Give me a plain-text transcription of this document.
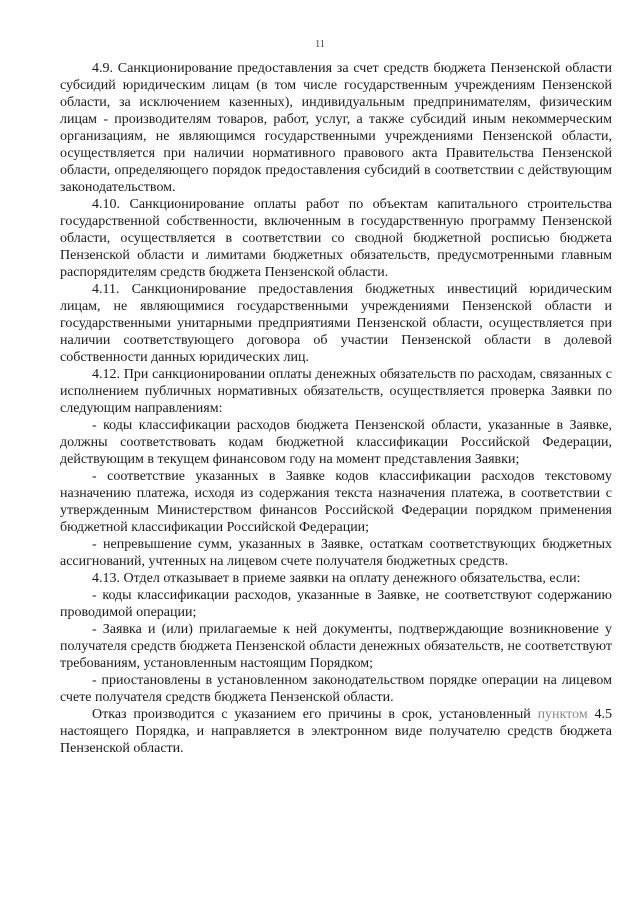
11

4.9. Санкционирование предоставления за счет средств бюджета Пензенской области субсидий юридическим лицам (в том числе государственным учреждениям Пензенской области, за исключением казенных), индивидуальным предпринимателям, физическим лицам - производителям товаров, работ, услуг, а также субсидий иным некоммерческим организациям, не являющимся государственными учреждениями Пензенской области, осуществляется при наличии нормативного правового акта Правительства Пензенской области, определяющего порядок предоставления субсидий в соответствии с действующим законодательством.

4.10. Санкционирование оплаты работ по объектам капитального строительства государственной собственности, включенным в государственную программу Пензенской области, осуществляется в соответствии со сводной бюджетной росписью бюджета Пензенской области и лимитами бюджетных обязательств, предусмотренными главным распорядителям средств бюджета Пензенской области.

4.11. Санкционирование предоставления бюджетных инвестиций юридическим лицам, не являющимися государственными учреждениями Пензенской области и государственными унитарными предприятиями Пензенской области, осуществляется при наличии соответствующего договора об участии Пензенской области в долевой собственности данных юридических лиц.

4.12. При санкционировании оплаты денежных обязательств по расходам, связанных с исполнением публичных нормативных обязательств, осуществляется проверка Заявки по следующим направлениям:

- коды классификации расходов бюджета Пензенской области, указанные в Заявке, должны соответствовать кодам бюджетной классификации Российской Федерации, действующим в текущем финансовом году на момент представления Заявки;

- соответствие указанных в Заявке кодов классификации расходов текстовому назначению платежа, исходя из содержания текста назначения платежа, в соответствии с утвержденным Министерством финансов Российской Федерации порядком применения бюджетной классификации Российской Федерации;

- непревышение сумм, указанных в Заявке, остаткам соответствующих бюджетных ассигнований, учтенных на лицевом счете получателя бюджетных средств.

4.13. Отдел отказывает в приеме заявки на оплату денежного обязательства, если:

- коды классификации расходов, указанные в Заявке, не соответствуют содержанию проводимой операции;

- Заявка и (или) прилагаемые к ней документы, подтверждающие возникновение у получателя средств бюджета Пензенской области денежных обязательств, не соответствуют требованиям, установленным настоящим Порядком;

- приостановлены в установленном законодательством порядке операции на лицевом счете получателя средств бюджета Пензенской области.

Отказ производится с указанием его причины в срок, установленный пунктом 4.5 настоящего Порядка, и направляется в электронном виде получателю средств бюджета Пензенской области.
